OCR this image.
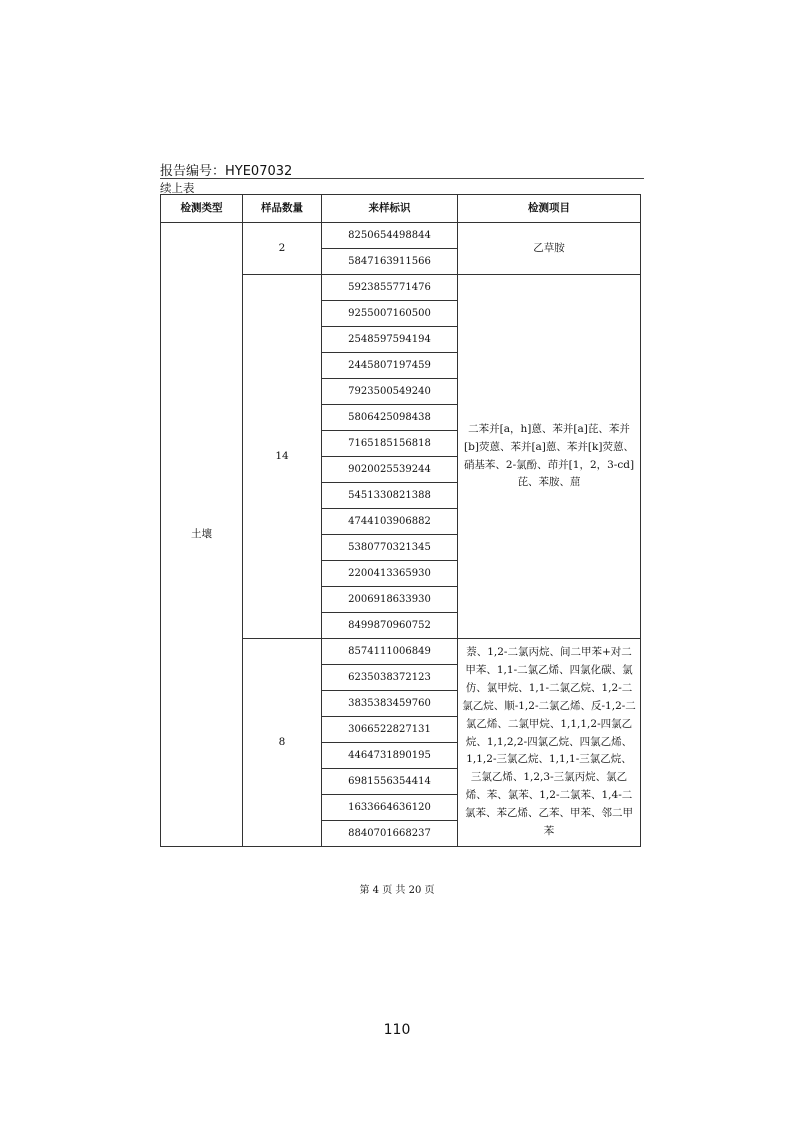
报告编号：HYE07032
续上表
检测类型	样品数量	来样标识	检测项目
土壤	2	8250654498844	乙草胺
		5847163911566	
	14	5923855771476	二苯并[a，h]蒽、苯并[a]芘、苯并[b]荧蒽、苯并[a]蒽、苯并[k]荧蒽、硝基苯、2-氯酚、茚并[1，2，3-cd]芘、苯胺、䓛
		9255007160500	
		2548597594194	
		2445807197459	
		7923500549240	
		5806425098438	
		7165185156818	
		9020025539244	
		5451330821388	
		4744103906882	
		5380770321345	
		2200413365930	
		2006918633930	
		8499870960752	
	8	8574111006849	萘、1,2-二氯丙烷、间二甲苯+对二甲苯、1,1-二氯乙烯、四氯化碳、氯仿、氯甲烷、1,1-二氯乙烷、1,2-二氯乙烷、顺-1,2-二氯乙烯、反-1,2-二氯乙烯、二氯甲烷、1,1,1,2-四氯乙烷、1,1,2,2-四氯乙烷、四氯乙烯、1,1,2-三氯乙烷、1,1,1-三氯乙烷、三氯乙烯、1,2,3-三氯丙烷、氯乙烯、苯、氯苯、1,2-二氯苯、1,4-二氯苯、苯乙烯、乙苯、甲苯、邻二甲苯
		6235038372123	
		3835383459760	
		3066522827131	
		4464731890195	
		6981556354414	
		1633664636120	
		8840701668237	
第 4 页 共 20 页
110
